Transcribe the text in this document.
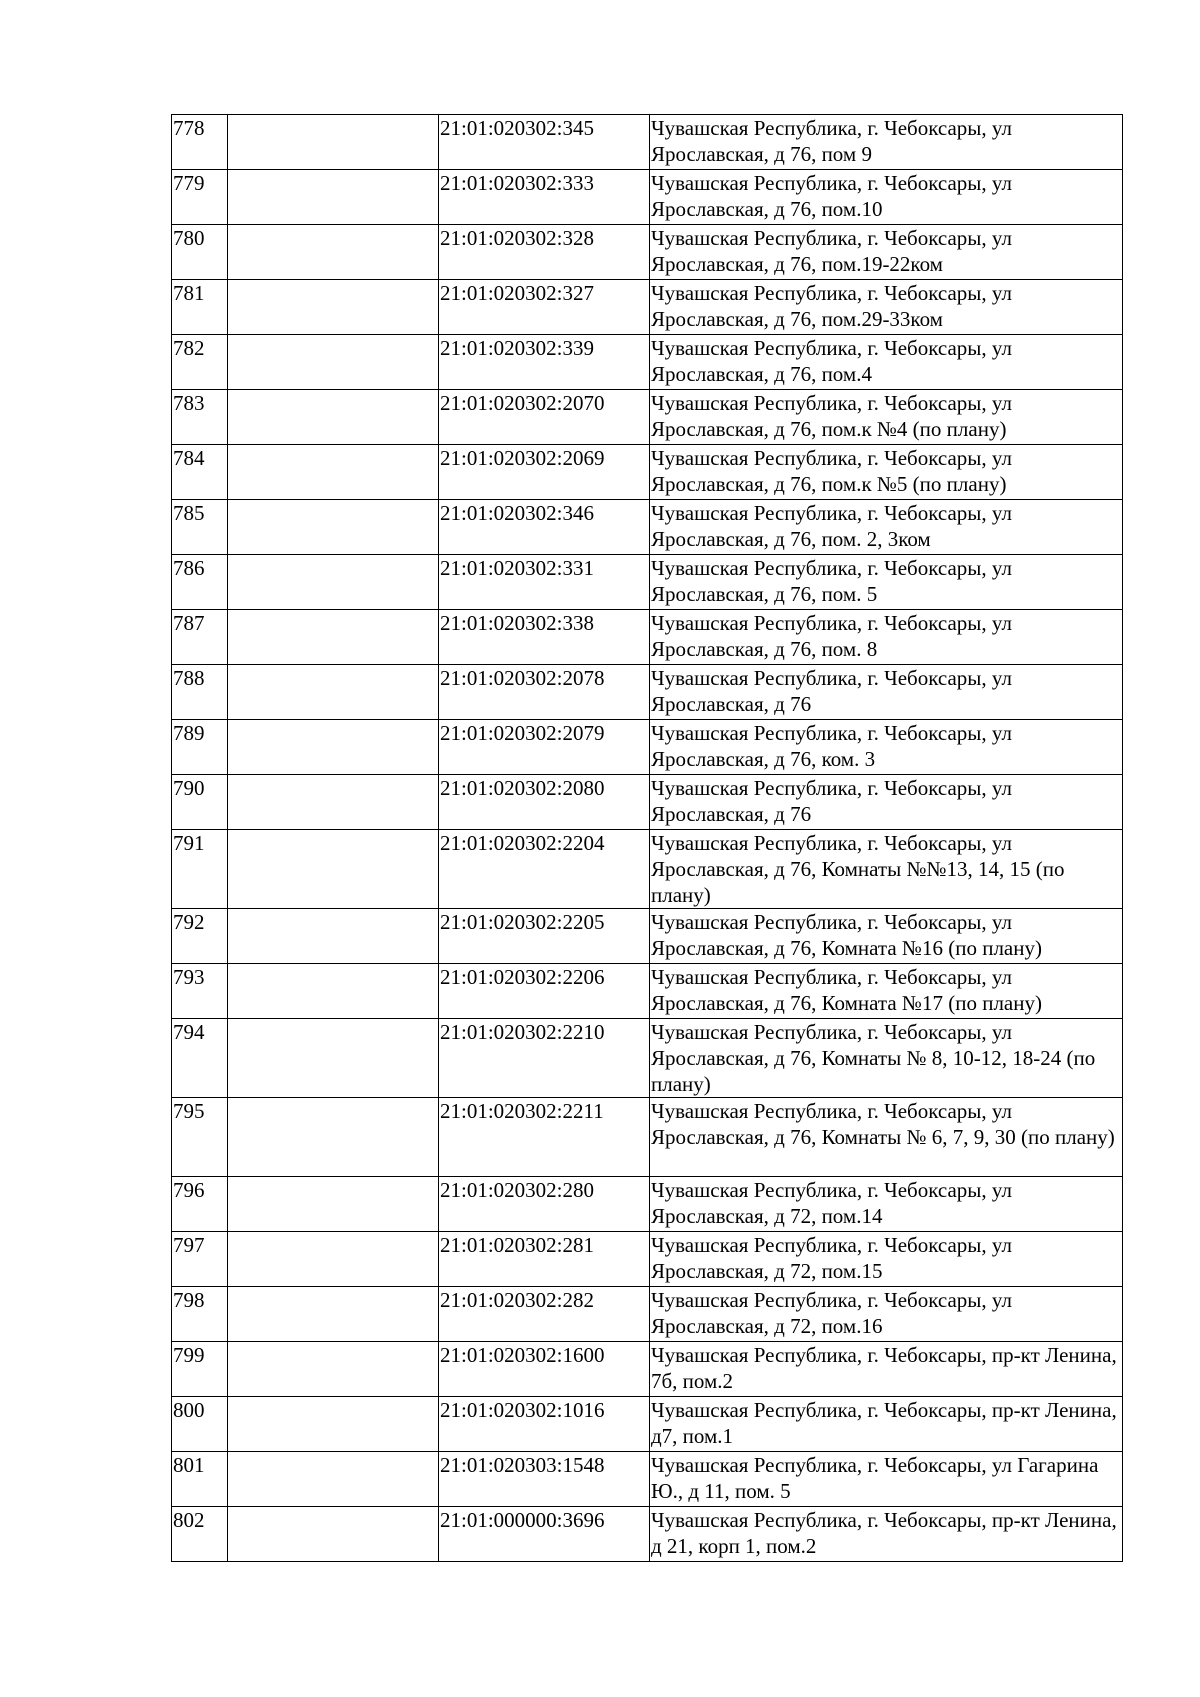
778		21:01:020302:345	Чувашская Республика, г. Чебоксары, ул Ярославская, д 76, пом 9
779		21:01:020302:333	Чувашская Республика, г. Чебоксары, ул Ярославская, д 76, пом.10
780		21:01:020302:328	Чувашская Республика, г. Чебоксары, ул Ярославская, д 76, пом.19-22ком
781		21:01:020302:327	Чувашская Республика, г. Чебоксары, ул Ярославская, д 76, пом.29-33ком
782		21:01:020302:339	Чувашская Республика, г. Чебоксары, ул Ярославская, д 76, пом.4
783		21:01:020302:2070	Чувашская Республика, г. Чебоксары, ул Ярославская, д 76, пом.к №4 (по плану)
784		21:01:020302:2069	Чувашская Республика, г. Чебоксары, ул Ярославская, д 76, пом.к №5 (по плану)
785		21:01:020302:346	Чувашская Республика, г. Чебоксары, ул Ярославская, д 76, пом. 2, 3ком
786		21:01:020302:331	Чувашская Республика, г. Чебоксары, ул Ярославская, д 76, пом. 5
787		21:01:020302:338	Чувашская Республика, г. Чебоксары, ул Ярославская, д 76, пом. 8
788		21:01:020302:2078	Чувашская Республика, г. Чебоксары, ул Ярославская, д 76
789		21:01:020302:2079	Чувашская Республика, г. Чебоксары, ул Ярославская, д 76, ком. 3
790		21:01:020302:2080	Чувашская Республика, г. Чебоксары, ул Ярославская, д 76
791		21:01:020302:2204	Чувашская Республика, г. Чебоксары, ул Ярославская, д 76, Комнаты №№13, 14, 15 (по плану)
792		21:01:020302:2205	Чувашская Республика, г. Чебоксары, ул Ярославская, д 76, Комната №16 (по плану)
793		21:01:020302:2206	Чувашская Республика, г. Чебоксары, ул Ярославская, д 76, Комната №17 (по плану)
794		21:01:020302:2210	Чувашская Республика, г. Чебоксары, ул Ярославская, д 76, Комнаты № 8, 10-12, 18-24 (по плану)
795		21:01:020302:2211	Чувашская Республика, г. Чебоксары, ул Ярославская, д 76, Комнаты № 6, 7, 9, 30 (по плану)
796		21:01:020302:280	Чувашская Республика, г. Чебоксары, ул Ярославская, д 72, пом.14
797		21:01:020302:281	Чувашская Республика, г. Чебоксары, ул Ярославская, д 72, пом.15
798		21:01:020302:282	Чувашская Республика, г. Чебоксары, ул Ярославская, д 72, пом.16
799		21:01:020302:1600	Чувашская Республика, г. Чебоксары, пр-кт Ленина, 7б, пом.2
800		21:01:020302:1016	Чувашская Республика, г. Чебоксары, пр-кт Ленина, д7, пом.1
801		21:01:020303:1548	Чувашская Республика, г. Чебоксары, ул Гагарина Ю., д 11, пом. 5
802		21:01:000000:3696	Чувашская Республика, г. Чебоксары, пр-кт Ленина, д 21, корп 1, пом.2
